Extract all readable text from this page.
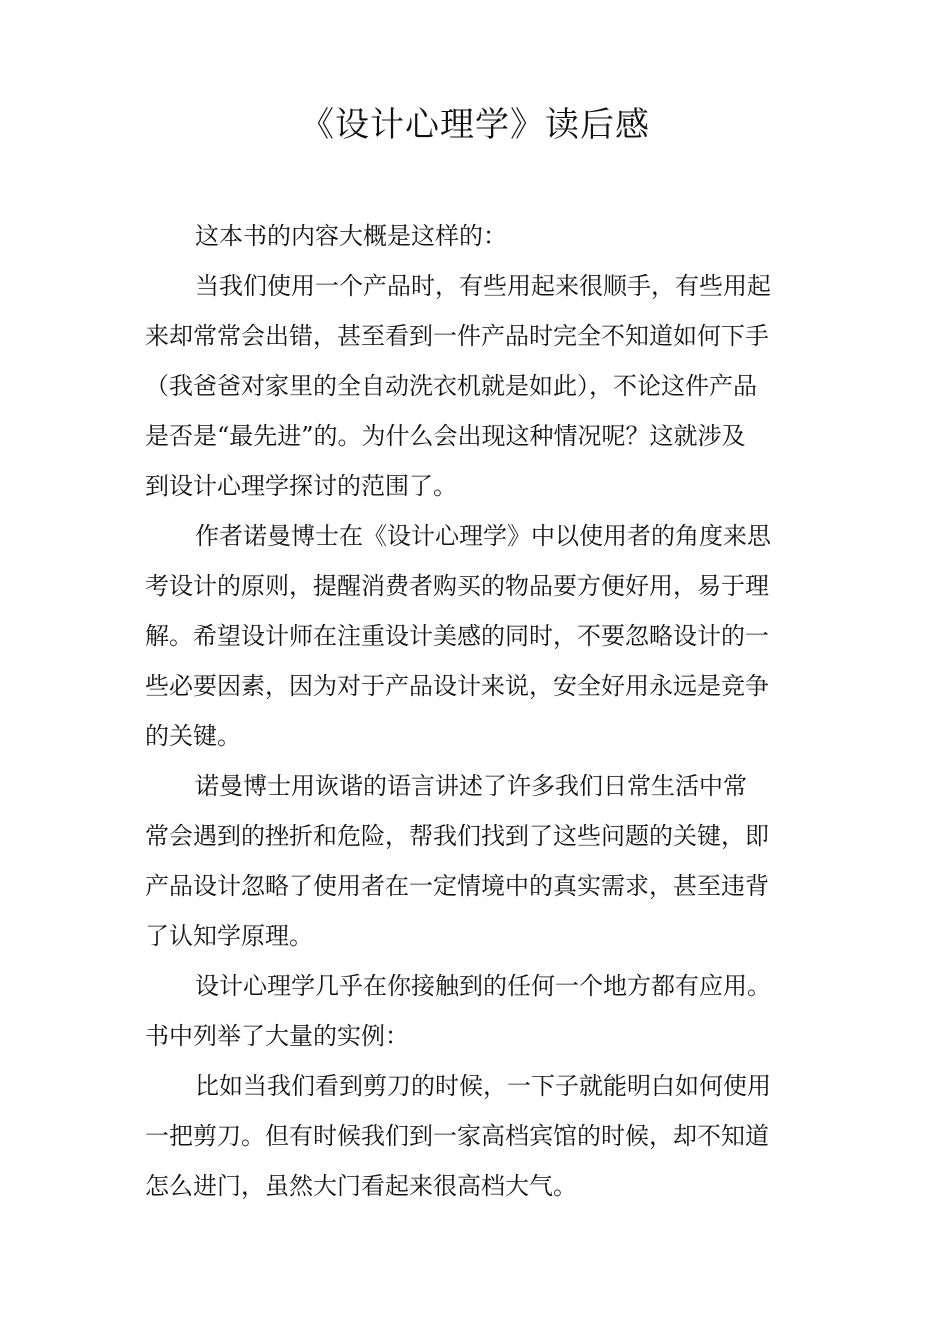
《设计心理学》读后感

这本书的内容大概是这样的：

当我们使用一个产品时，有些用起来很顺手，有些用起

来却常常会出错，甚至看到一件产品时完全不知道如何下手

（我爸爸对家里的全自动洗衣机就是如此），不论这件产品

是否是“最先进”的。为什么会出现这种情况呢？这就涉及

到设计心理学探讨的范围了。

作者诺曼博士在《设计心理学》中以使用者的角度来思

考设计的原则，提醒消费者购买的物品要方便好用，易于理

解。希望设计师在注重设计美感的同时，不要忽略设计的一

些必要因素，因为对于产品设计来说，安全好用永远是竞争

的关键。

诺曼博士用诙谐的语言讲述了许多我们日常生活中常

常会遇到的挫折和危险，帮我们找到了这些问题的关键，即

产品设计忽略了使用者在一定情境中的真实需求，甚至违背

了认知学原理。

设计心理学几乎在你接触到的任何一个地方都有应用。

书中列举了大量的实例：

比如当我们看到剪刀的时候，一下子就能明白如何使用

一把剪刀。但有时候我们到一家高档宾馆的时候，却不知道

怎么进门，虽然大门看起来很高档大气。
